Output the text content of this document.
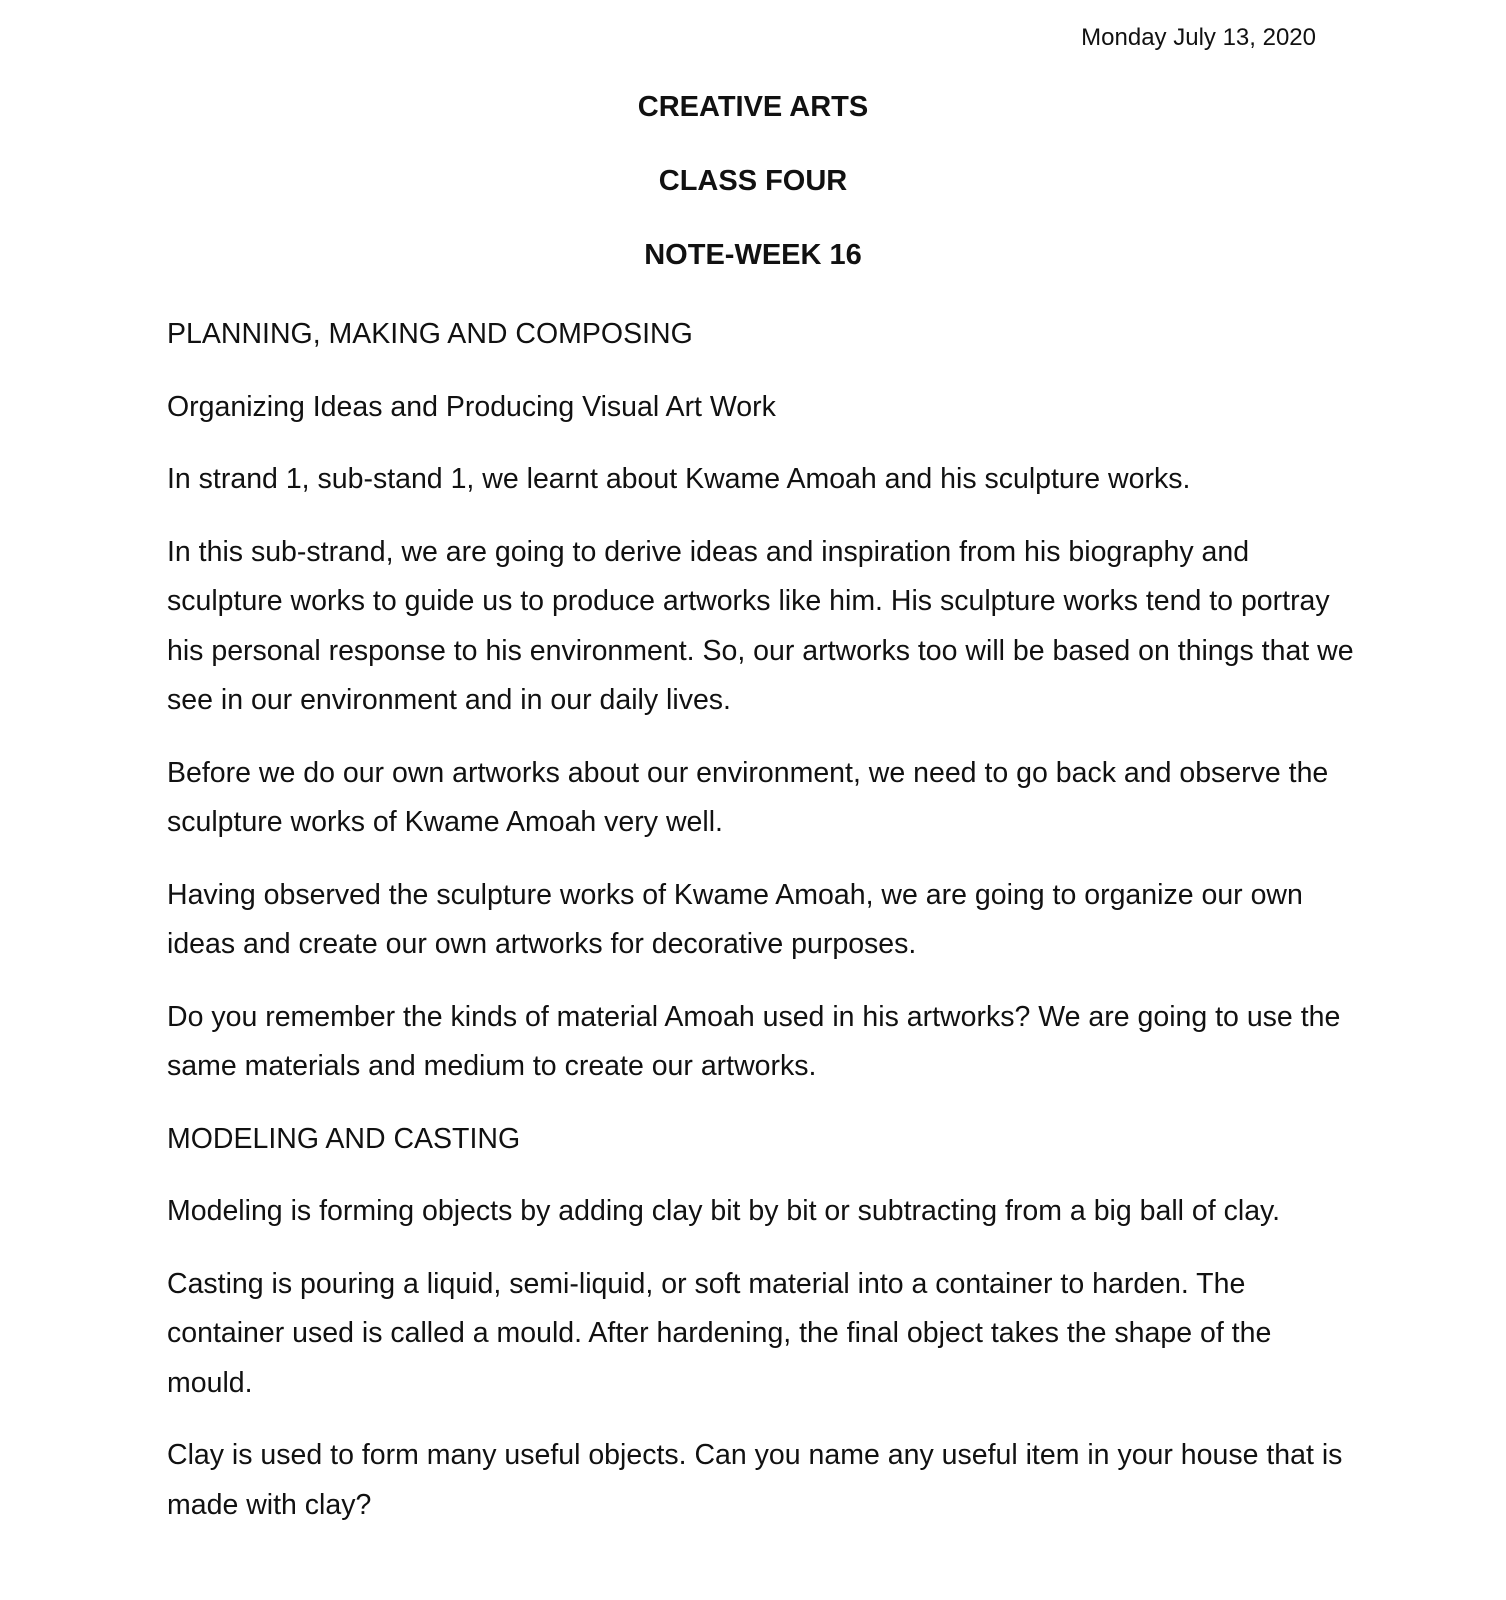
Monday July 13, 2020
CREATIVE ARTS
CLASS FOUR
NOTE-WEEK 16

PLANNING, MAKING AND COMPOSING

Organizing Ideas and Producing Visual Art Work

In strand 1, sub-stand 1, we learnt about Kwame Amoah and his sculpture works.

In this sub-strand, we are going to derive ideas and inspiration from his biography and sculpture works to guide us to produce artworks like him. His sculpture works tend to portray his personal response to his environment. So, our artworks too will be based on things that we see in our environment and in our daily lives.

Before we do our own artworks about our environment, we need to go back and observe the sculpture works of Kwame Amoah very well.

Having observed the sculpture works of Kwame Amoah, we are going to organize our own ideas and create our own artworks for decorative purposes.

Do you remember the kinds of material Amoah used in his artworks? We are going to use the same materials and medium to create our artworks.

MODELING AND CASTING

Modeling is forming objects by adding clay bit by bit or subtracting from a big ball of clay.

Casting is pouring a liquid, semi-liquid, or soft material into a container to harden. The container used is called a mould. After hardening, the final object takes the shape of the mould.

Clay is used to form many useful objects. Can you name any useful item in your house that is made with clay?
